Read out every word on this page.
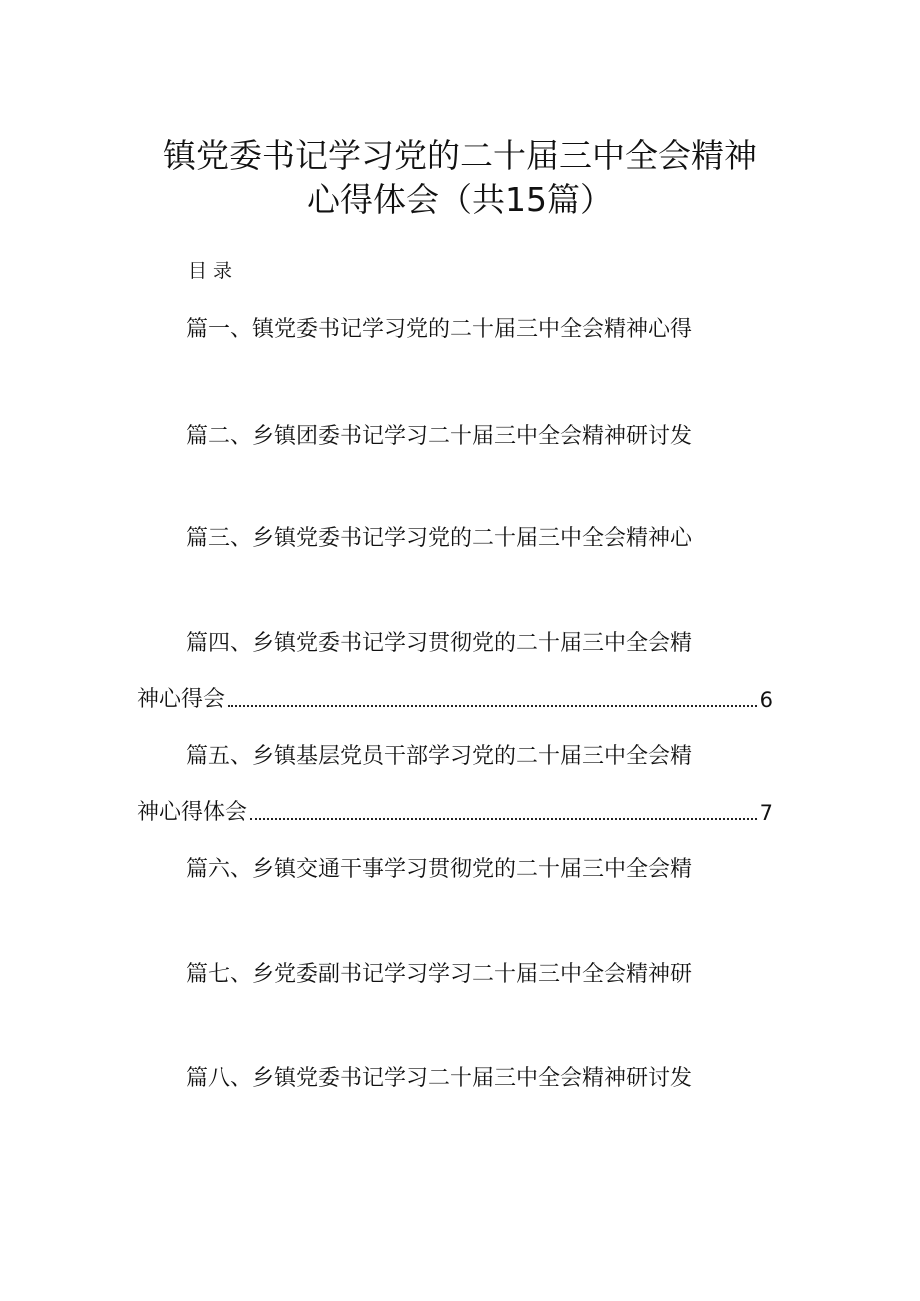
镇党委书记学习党的二十届三中全会精神
心得体会（共15篇）
目录
篇一、镇党委书记学习党的二十届三中全会精神心得
篇二、乡镇团委书记学习二十届三中全会精神研讨发
篇三、乡镇党委书记学习党的二十届三中全会精神心
篇四、乡镇党委书记学习贯彻党的二十届三中全会精
神心得会	6
篇五、乡镇基层党员干部学习党的二十届三中全会精
神心得体会	7
篇六、乡镇交通干事学习贯彻党的二十届三中全会精
篇七、乡党委副书记学习学习二十届三中全会精神研
篇八、乡镇党委书记学习二十届三中全会精神研讨发
